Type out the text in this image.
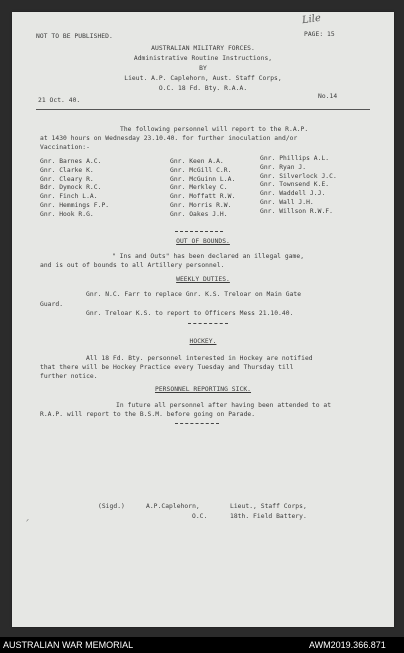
Lile
NOT TO BE PUBLISHED.	PAGE: 15
AUSTRALIAN MILITARY FORCES.
Administrative Routine Instructions,
BY
Lieut. A.P. Caplehorn, Aust. Staff Corps,
O.C. 18 Fd. Bty. R.A.A.
21 Oct. 40.
No.14
The following personnel will report to the R.A.P.
at 1430 hours on Wednesday 23.10.40. for further inoculation and/or
Vaccination:-
Gnr. Barnes A.C.
Gnr. Clarke K.
Gnr. Cleary R.
Bdr. Dymock R.C.
Gnr. Finch L.A.
Gnr. Hemmings F.P.
Gnr. Hook R.G.
Gnr. Keen A.A.
Gnr. McGill C.R.
Gnr. McGuinn L.A.
Gnr. Merkley C.
Gnr. Moffatt R.W.
Gnr. Morris R.W.
Gnr. Oakes J.H.
Gnr. Phillips A.L.
Gnr. Ryan J.
Gnr. Silverlock J.C.
Gnr. Townsend K.E.
Gnr. Waddell J.J.
Gnr. Wall J.H.
Gnr. Willson R.W.F.
OUT OF BOUNDS.
" Ins and Outs" has been declared an illegal game,
and is out of bounds to all Artillery personnel.
WEEKLY DUTIES.
Gnr. N.C. Farr to replace Gnr. K.S. Treloar on Main Gate
Guard.
Gnr. Treloar K.S. to report to Officers Mess 21.10.40.
HOCKEY.
All 18 Fd. Bty. personnel interested in Hockey are notified
that there will be Hockey Practice every Tuesday and Thursday till
further notice.
PERSONNEL REPORTING SICK.
In future all personnel after having been attended to at
R.A.P. will report to the B.S.M. before going on Parade.
(Sigd.)	A.P.Caplehorn,	Lieut., Staff Corps,
O.C.	18th. Field Battery.
ᐟ
AUSTRALIAN WAR MEMORIAL	AWM2019.366.871
